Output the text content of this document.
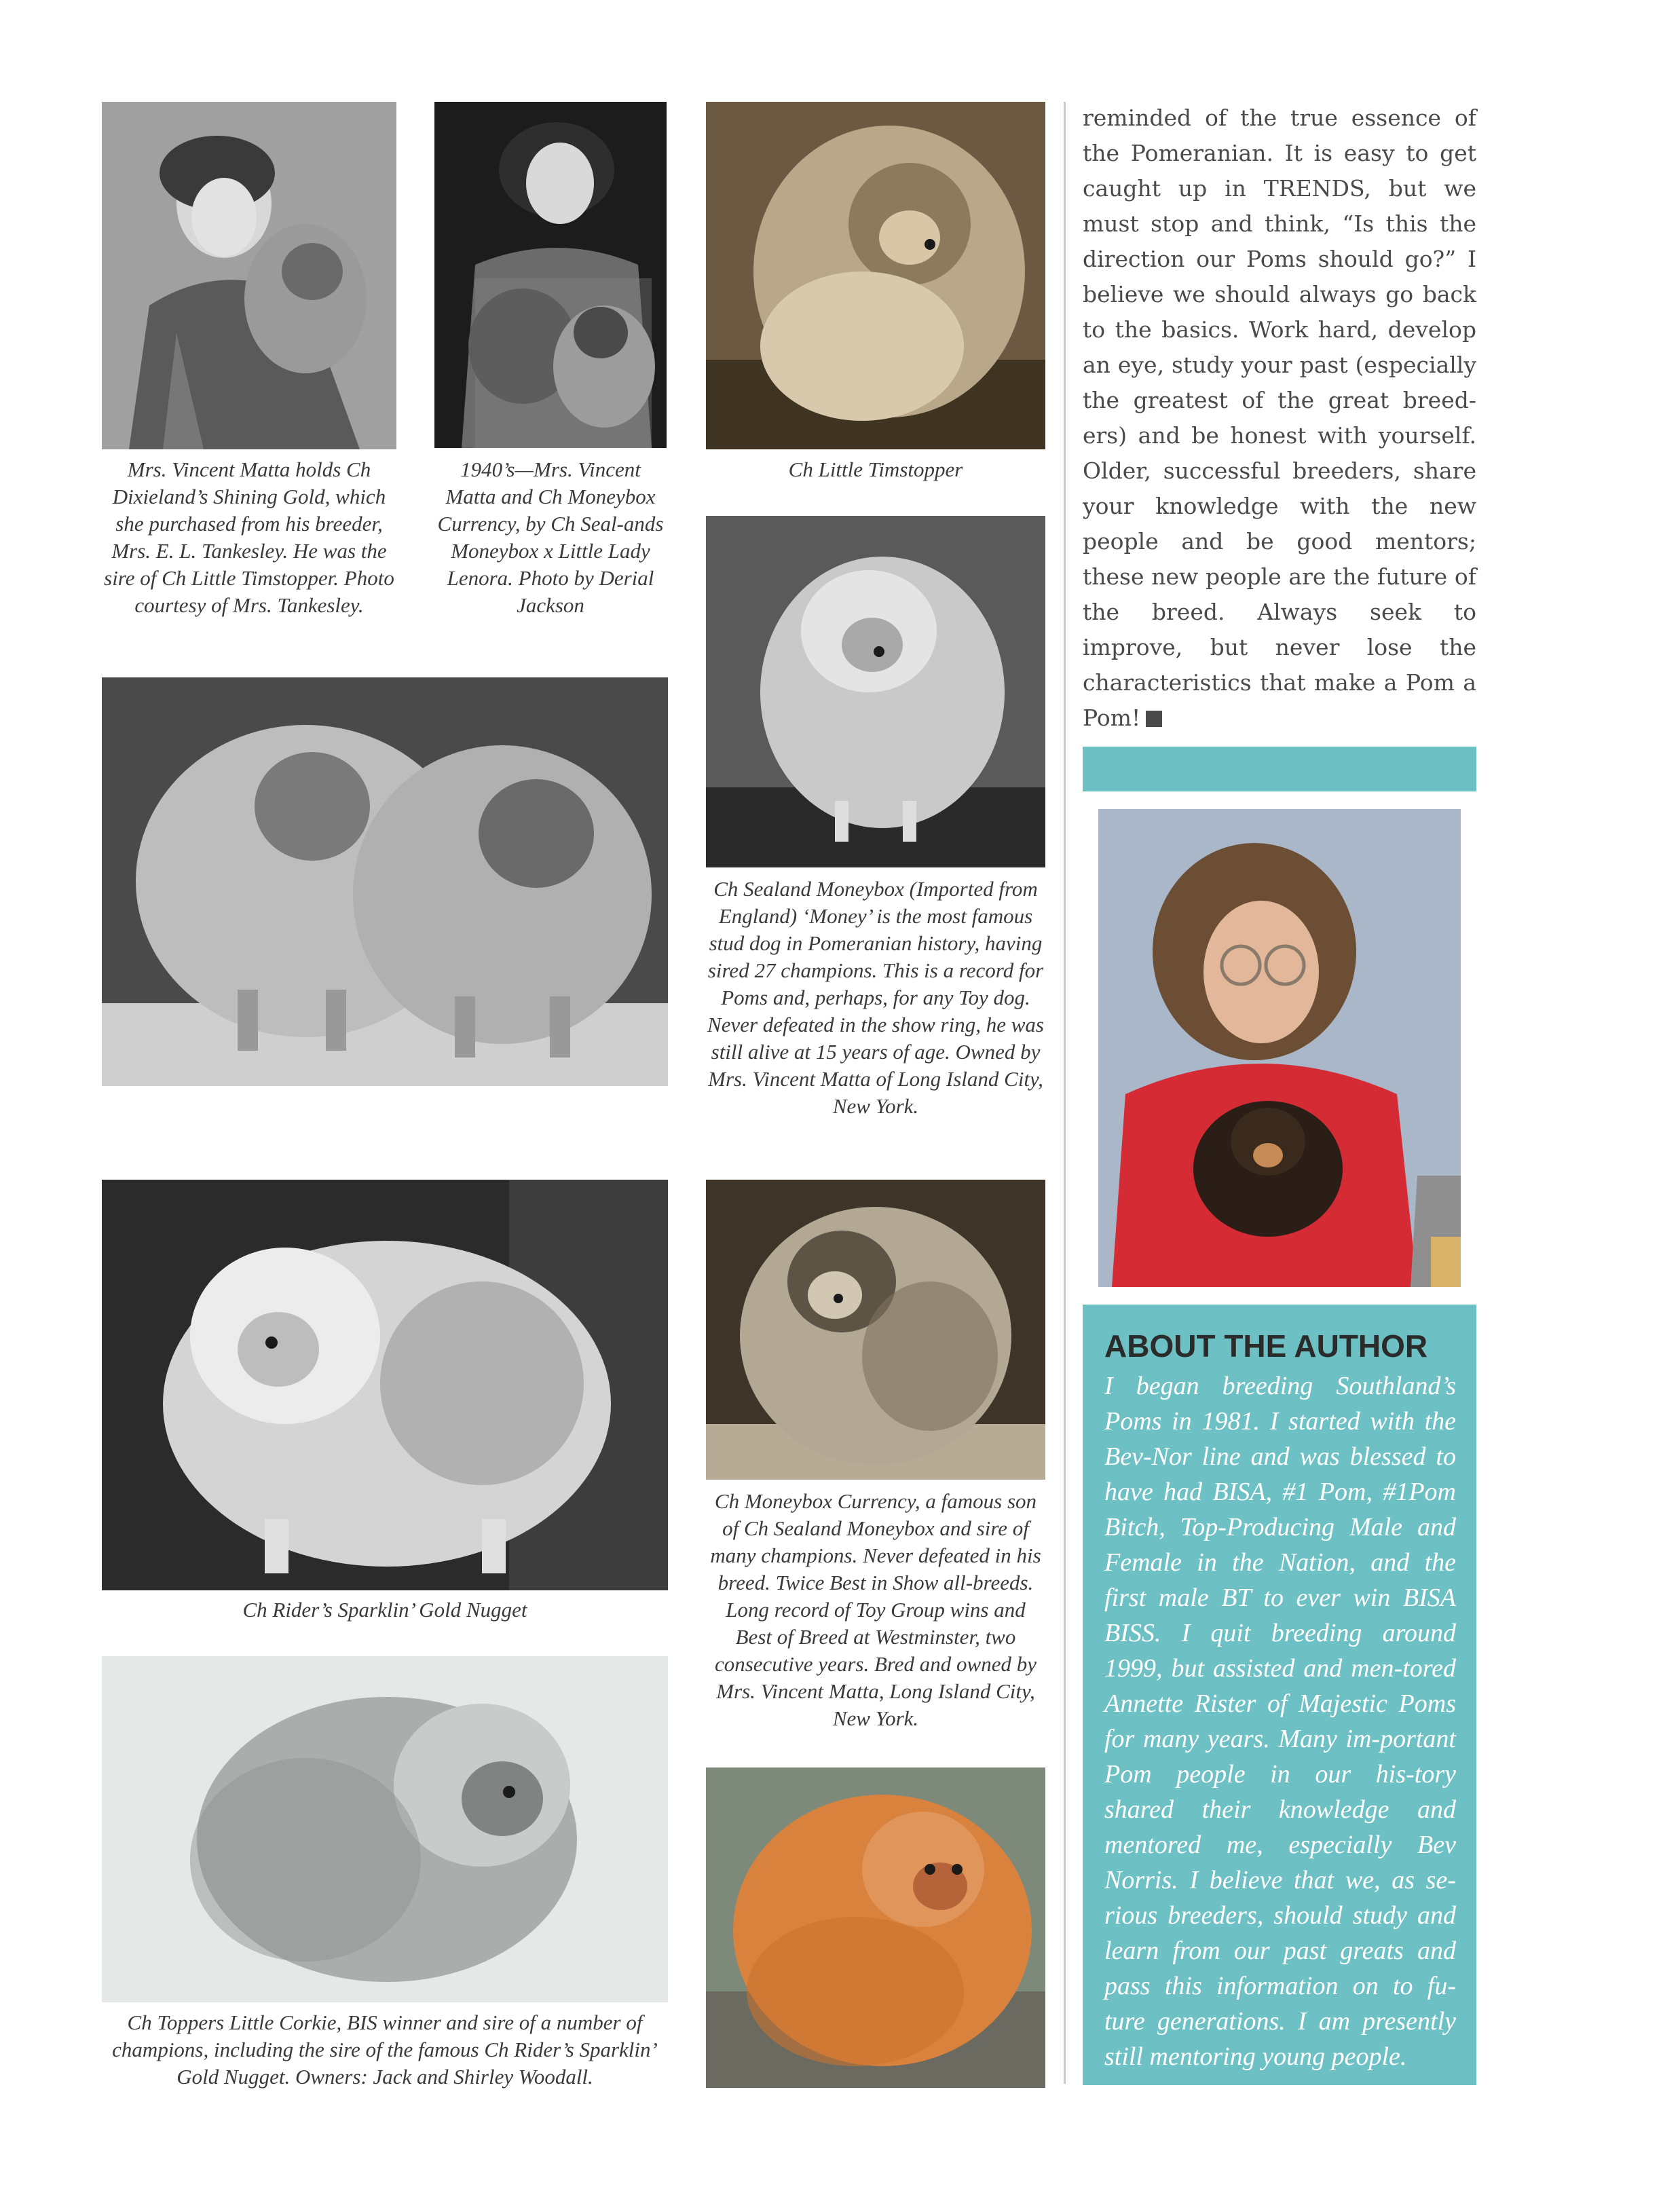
Mrs. Vincent Matta holds Ch Dixieland’s Shining Gold, which she purchased from his breeder, Mrs. E. L. Tankesley. He was the sire of Ch Little Timstopper. Photo courtesy of Mrs. Tankesley.
1940’s—Mrs. Vincent Matta and Ch Moneybox Currency, by Ch Seal-ands Moneybox x Little Lady Lenora. Photo by Derial Jackson
Ch Little Timstopper
Ch Sealand Moneybox (Imported from England) ‘Money’ is the most famous stud dog in Pomeranian history, having sired 27 champions. This is a record for Poms and, perhaps, for any Toy dog. Never defeated in the show ring, he was still alive at 15 years of age. Owned by Mrs. Vincent Matta of Long Island City, New York.
Ch Rider’s Sparklin’ Gold Nugget
Ch Moneybox Currency, a famous son of Ch Sealand Moneybox and sire of many champions. Never defeated in his breed. Twice Best in Show all-breeds. Long record of Toy Group wins and Best of Breed at Westminster, two consecutive years. Bred and owned by Mrs. Vincent Matta, Long Island City, New York.
Ch Toppers Little Corkie, BIS winner and sire of a number of champions, including the sire of the famous Ch Rider’s Sparklin’ Gold Nugget. Owners: Jack and Shirley Woodall.
reminded of the true essence of the Pomeranian. It is easy to get caught up in TRENDS, but we must stop and think, “Is this the direction our Poms should go?” I believe we should always go back to the basics. Work hard, develop an eye, study your past (especially the greatest of the great breed-ers) and be honest with yourself. Older, successful breeders, share your knowledge with the new people and be good mentors; these new people are the future of the breed. Always seek to improve, but never lose the characteristics that make a Pom a Pom!
ABOUT THE AUTHOR

I began breeding Southland’s Poms in 1981. I started with the Bev-Nor line and was blessed to have had BISA, #1 Pom, #1Pom Bitch, Top-Producing Male and Female in the Nation, and the first male BT to ever win BISA BISS. I quit breeding around 1999, but assisted and men-tored Annette Rister of Majestic Poms for many years. Many im-portant Pom people in our his-tory shared their knowledge and mentored me, especially Bev Norris. I believe that we, as se-rious breeders, should study and learn from our past greats and pass this information on to fu-ture generations. I am presently still mentoring young people.
